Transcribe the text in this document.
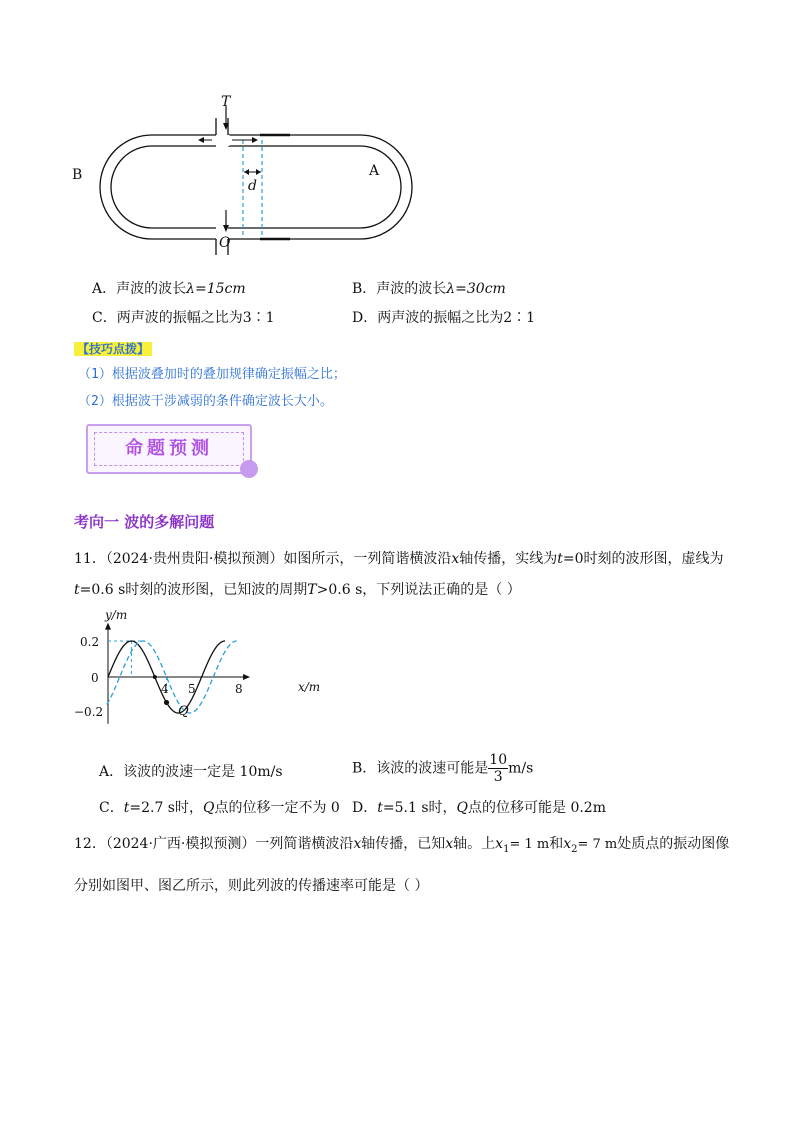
T
O
A
B
d
A．声波的波长λ=15cm	B．声波的波长λ=30cm
C．两声波的振幅之比为3∶1	D．两声波的振幅之比为2∶1
【技巧点拨】
（1）根据波叠加时的叠加规律确定振幅之比；
（2）根据波干涉减弱的条件确定波长大小。
命题预测
考向一 波的多解问题
11．（2024·贵州贵阳·模拟预测）如图所示，一列简谐横波沿x轴传播，实线为t=0时刻的波形图，虚线为
t=0.6 s时刻的波形图，已知波的周期T>0.6 s，下列说法正确的是（ ）
y/m
x/m
0.2
0
−0.2
4 5	8
Q
A．该波的波速一定是 10m/s	B．该波的波速可能是 $\frac{10}{3} m/s$
C．t=2.7 s时，Q点的位移一定不为 0 D．t=5.1 s时，Q点的位移可能是 0.2m
12．（2024·广西·模拟预测）一列简谐横波沿x轴传播，已知x轴。上$x_1= 1$ m和$x_2= 7$ m处质点的振动图像
分别如图甲、图乙所示，则此列波的传播速率可能是（ ）
